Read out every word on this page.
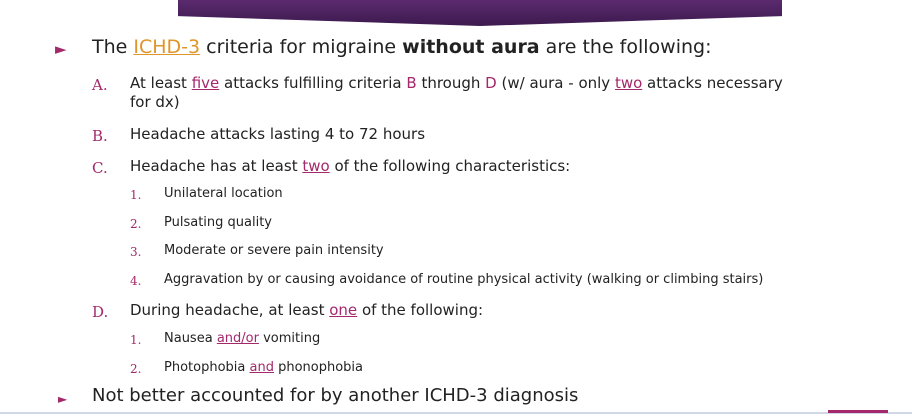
► The ICHD-3 criteria for migraine without aura are the following:
A. At least five attacks fulfilling criteria B through D (w/ aura - only two attacks necessary
for dx)
B. Headache attacks lasting 4 to 72 hours
C. Headache has at least two of the following characteristics:
1. Unilateral location
2. Pulsating quality
3. Moderate or severe pain intensity
4. Aggravation by or causing avoidance of routine physical activity (walking or climbing stairs)
D. During headache, at least one of the following:
1. Nausea and/or vomiting
2. Photophobia and phonophobia
► Not better accounted for by another ICHD-3 diagnosis
